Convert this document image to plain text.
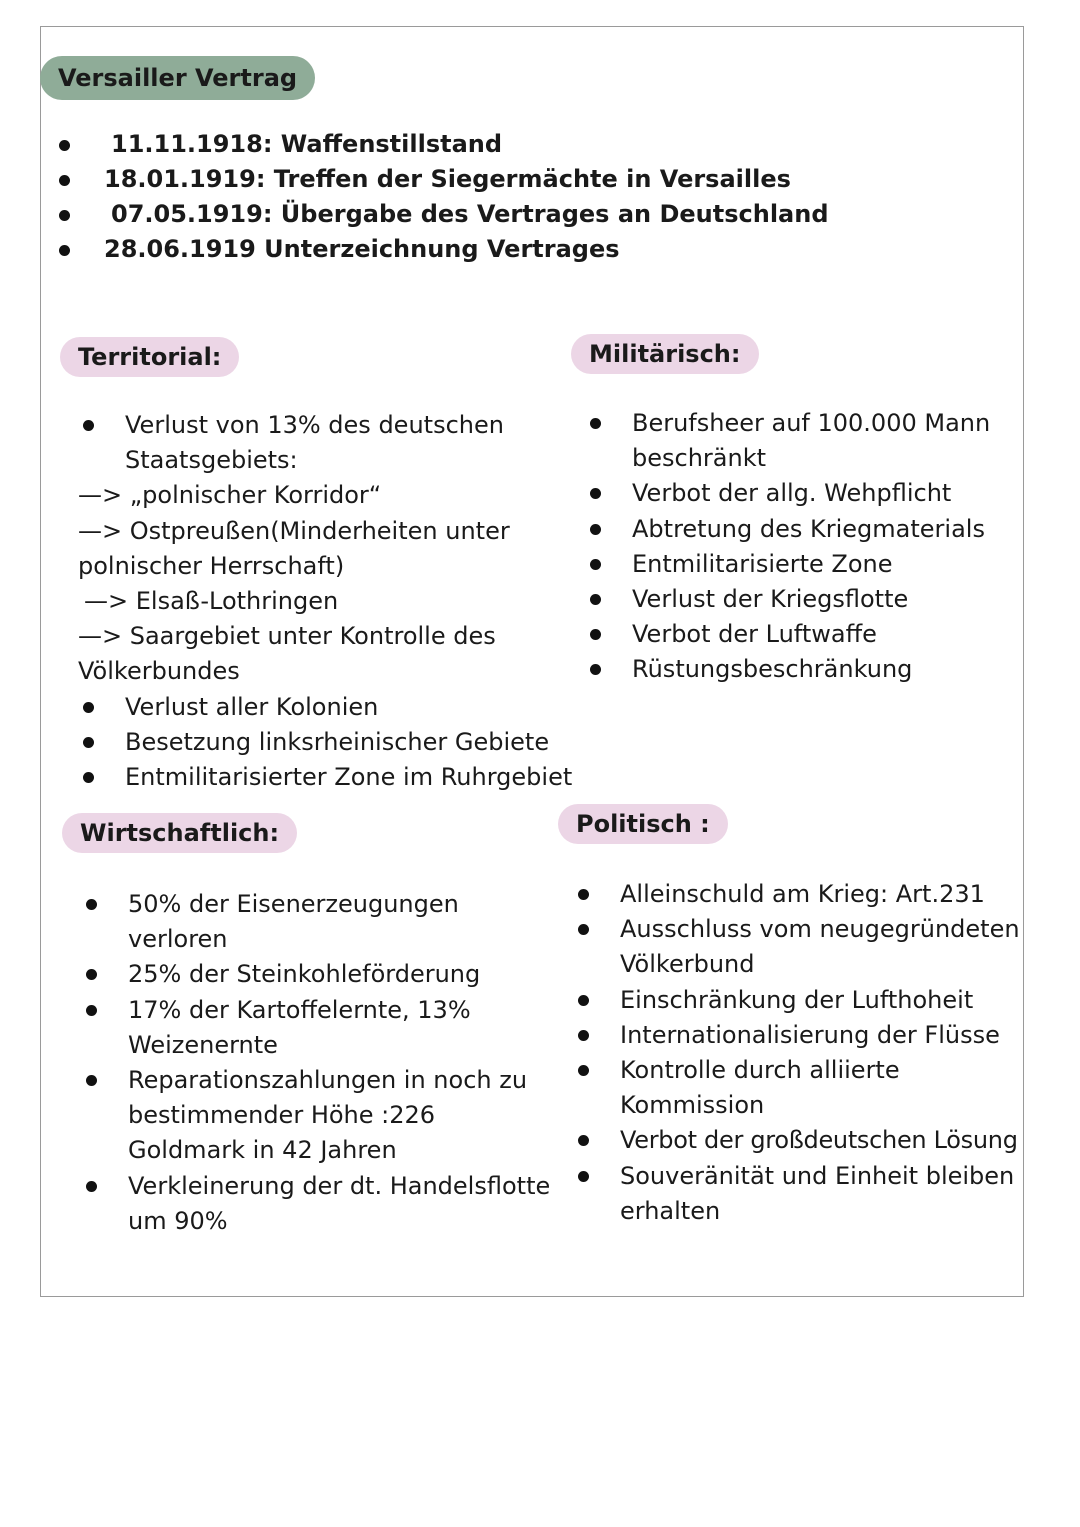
Versailler Vertrag
11.11.1918: Waffenstillstand
18.01.1919: Treffen der Siegermächte in Versailles
07.05.1919: Übergabe des Vertrages an Deutschland
28.06.1919 Unterzeichnung Vertrages
Territorial:
Verlust von 13% des deutschen
Staatsgebiets:
—> „polnischer Korridor“
—> Ostpreußen(Minderheiten unter
polnischer Herrschaft)
—> Elsaß-Lothringen
—> Saargebiet unter Kontrolle des
Völkerbundes
Verlust aller Kolonien
Besetzung linksrheinischer Gebiete
Entmilitarisierter Zone im Ruhrgebiet
Militärisch:
Berufsheer auf 100.000 Mann
beschränkt
Verbot der allg. Wehpflicht
Abtretung des Kriegmaterials
Entmilitarisierte Zone
Verlust der Kriegsflotte
Verbot der Luftwaffe
Rüstungsbeschränkung
Wirtschaftlich:
50% der Eisenerzeugungen
verloren
25% der Steinkohleförderung
17% der Kartoffelernte, 13%
Weizenernte
Reparationszahlungen in noch zu
bestimmender Höhe :226
Goldmark in 42 Jahren
Verkleinerung der dt. Handelsflotte
um 90%
Politisch :
Alleinschuld am Krieg: Art.231
Ausschluss vom neugegründeten
Völkerbund
Einschränkung der Lufthoheit
Internationalisierung der Flüsse
Kontrolle durch alliierte
Kommission
Verbot der großdeutschen Lösung
Souveränität und Einheit bleiben
erhalten
